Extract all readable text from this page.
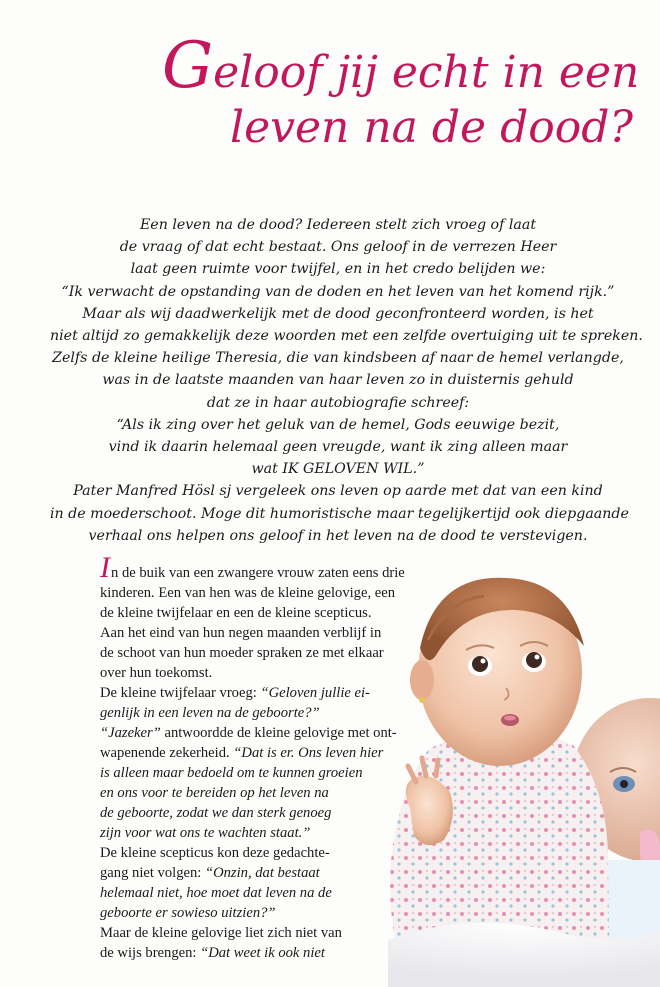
Geloof jij echt in een
leven na de dood?
Een leven na de dood? Iedereen stelt zich vroeg of laat
de vraag of dat echt bestaat. Ons geloof in de verrezen Heer
laat geen ruimte voor twijfel, en in het credo belijden we:
“Ik verwacht de opstanding van de doden en het leven van het komend rijk.”
Maar als wij daadwerkelijk met de dood geconfronteerd worden, is het
niet altijd zo gemakkelijk deze woorden met een zelfde overtuiging uit te spreken.
Zelfs de kleine heilige Theresia, die van kindsbeen af naar de hemel verlangde,
was in de laatste maanden van haar leven zo in duisternis gehuld
dat ze in haar autobiografie schreef:
“Als ik zing over het geluk van de hemel, Gods eeuwige bezit,
vind ik daarin helemaal geen vreugde, want ik zing alleen maar
wat IK GELOVEN WIL.”
Pater Manfred Hösl sj vergeleek ons leven op aarde met dat van een kind
in de moederschoot. Moge dit humoristische maar tegelijkertijd ook diepgaande
verhaal ons helpen ons geloof in het leven na de dood te verstevigen.
In de buik van een zwangere vrouw zaten eens drie
kinderen. Een van hen was de kleine gelovige, een
de kleine twijfelaar en een de kleine scepticus.
Aan het eind van hun negen maanden verblijf in
de schoot van hun moeder spraken ze met elkaar
over hun toekomst.
De kleine twijfelaar vroeg: “Geloven jullie ei-
genlijk in een leven na de geboorte?”
“Jazeker” antwoordde de kleine gelovige met ont-
wapenende zekerheid. “Dat is er. Ons leven hier
is alleen maar bedoeld om te kunnen groeien
en ons voor te bereiden op het leven na
de geboorte, zodat we dan sterk genoeg
zijn voor wat ons te wachten staat.”
De kleine scepticus kon deze gedachte-
gang niet volgen: “Onzin, dat bestaat
helemaal niet, hoe moet dat leven na de
geboorte er sowieso uitzien?”
Maar de kleine gelovige liet zich niet van
de wijs brengen: “Dat weet ik ook niet
